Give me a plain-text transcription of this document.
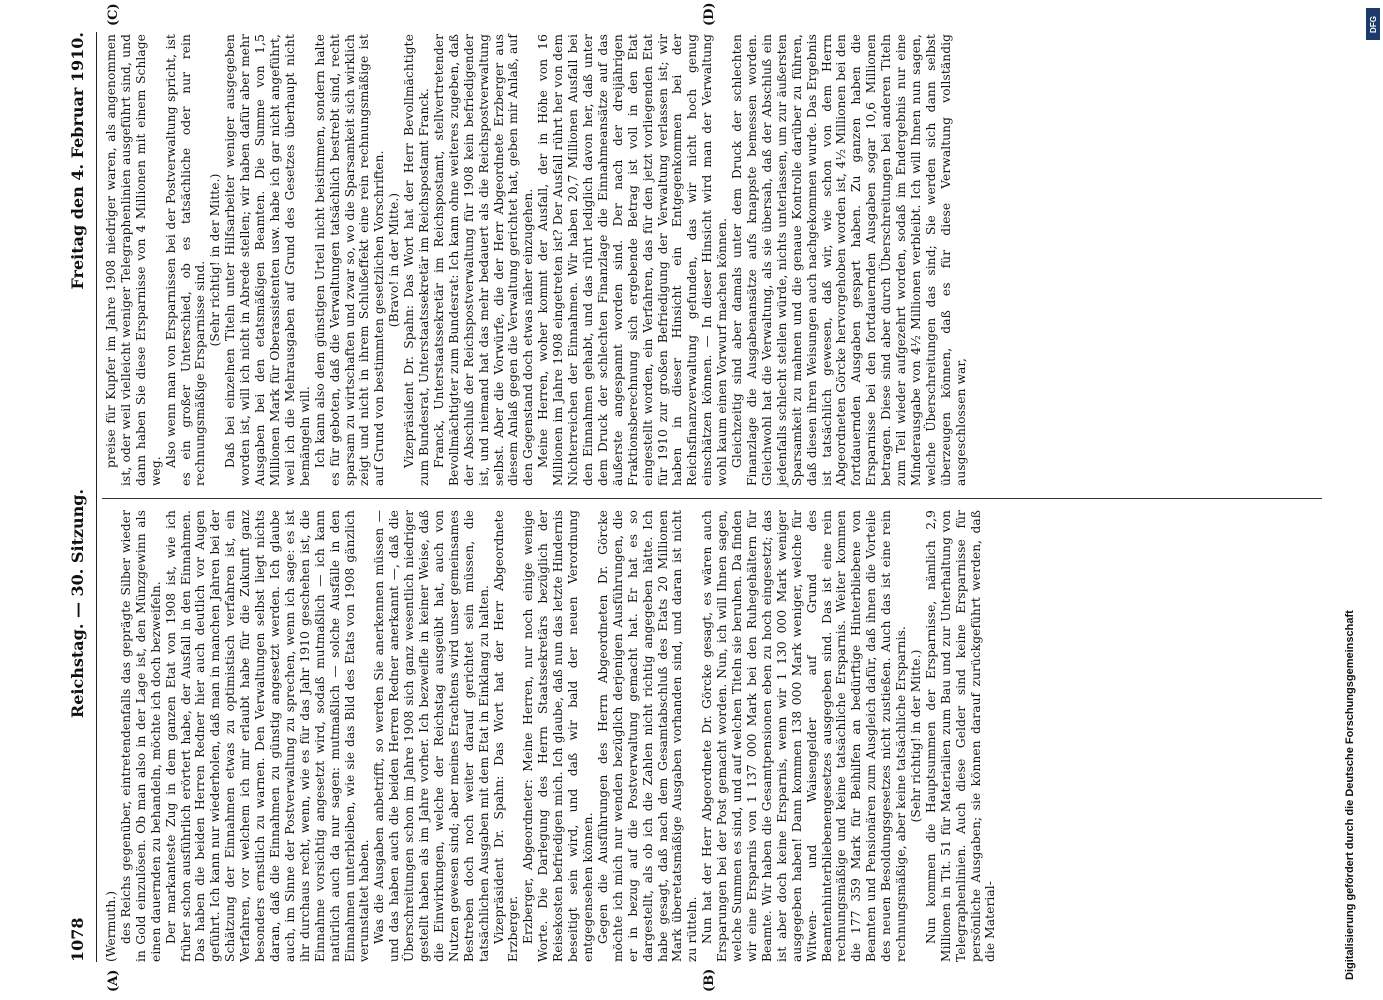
1078
Reichstag. — 30. Sitzung.
Freitag den 4. Februar 1910.

(Wermuth.) des Reichs gegenüber, eintretendenfalls das geprägte Silber wieder in Gold einzulösen. Ob man also in der Lage ist, den Münzgewinn als einen dauernden zu behandeln, möchte ich doch bezweifeln. Der markanteste Zug in dem ganzen Etat von 1908 ist, wie ich früher schon ausführlich erörtert habe, der Ausfall in den Einnahmen. Das haben die beiden Herren Redner hier auch deutlich vor Augen geführt. Ich kann nur wiederholen, daß man in manchen Jahren bei der Schätzung der Einnahmen etwas zu optimistisch verfahren ist, ein Verfahren, vor welchem ich mir erlaubt habe für die Zukunft ganz besonders ernstlich zu warnen. Den Verwaltungen selbst liegt nichts daran, daß die Einnahmen zu günstig angesetzt werden. Ich glaube auch, im Sinne der Postverwaltung zu sprechen, wenn ich sage: es ist ihr durchaus recht, wenn, wie es für das Jahr 1910 geschehen ist, die Einnahme vorsichtig angesetzt wird, sodaß mutmaßlich — ich kann natürlich auch da nur sagen: mutmaßlich — solche Ausfälle in den Einnahmen unterbleiben, wie sie das Bild des Etats von 1908 gänzlich verunstaltet haben. Was die Ausgaben anbetrifft, so werden Sie anerkennen müssen — und das haben auch die beiden Herren Redner anerkannt —, daß die Überschreitungen schon im Jahre 1908 sich ganz wesentlich niedriger gestellt haben als im Jahre vorher. Ich bezweifle in keiner Weise, daß die Einwirkungen, welche der Reichstag ausgeübt hat, auch von Nutzen gewesen sind; aber meines Erachtens wird unser gemeinsames Bestreben doch noch weiter darauf gerichtet sein müssen, die tatsächlichen Ausgaben mit dem Etat in Einklang zu halten. Vizepräsident Dr. Spahn: Das Wort hat der Herr Abgeordnete Erzberger. Erzberger, Abgeordneter: Meine Herren, nur noch einige wenige Worte. Die Darlegung des Herrn Staatssekretärs bezüglich der Reisekosten befriedigen mich. Ich glaube, daß nun das letzte Hindernis beseitigt sein wird, und daß wir bald der neuen Verordnung entgegensehen können. Gegen die Ausführungen des Herrn Abgeordneten Dr. Görcke möchte ich mich nur wenden bezüglich derjenigen Ausführungen, die er in bezug auf die Postverwaltung gemacht hat. Er hat es so dargestellt, als ob ich die Zahlen nicht richtig angegeben hätte. Ich habe gesagt, daß nach dem Gesamtabschluß des Etats 20 Millionen Mark überetatsmäßige Ausgaben vorhanden sind, und daran ist nicht zu rütteln. Nun hat der Herr Abgeordnete Dr. Görcke gesagt, es wären auch Ersparungen bei der Post gemacht worden. Nun, ich will Ihnen sagen, welche Summen es sind, und auf welchen Titeln sie beruhen. Da finden wir eine Ersparnis von 1 137 000 Mark bei den Ruhegehältern für Beamte. Wir haben die Gesamtpensionen eben zu hoch eingesetzt; das ist aber doch keine Ersparnis, wenn wir 1 130 000 Mark weniger ausgegeben haben! Dann kommen 138 000 Mark weniger, welche für Witwen- und Waisengelder auf Grund des Beamtenhinterbliebenengesetzes ausgegeben sind. Das ist eine rein rechnungsmäßige und keine tatsächliche Ersparnis. Weiter kommen die 177 359 Mark für Beihilfen an bedürftige Hinterbliebene von Beamten und Pensionären zum Ausgleich dafür, daß ihnen die Vorteile des neuen Besoldungsgesetzes nicht zustießen. Auch das ist eine rein rechnungsmäßige, aber keine tatsächliche Ersparnis. (Sehr richtig! in der Mitte.) Nun kommen die Hauptsummen der Ersparnisse, nämlich 2,9 Millionen in Tit. 51 für Materialien zum Bau und zur Unterhaltung von Telegraphenlinien. Auch diese Gelder sind keine Ersparnisse für persönliche Ausgaben; sie können darauf zurückgeführt werden, daß die Material-

preise für Kupfer im Jahre 1908 niedriger waren, als angenommen ist, oder weil vielleicht weniger Telegraphenlinien ausgeführt sind, und dann haben Sie diese Ersparnisse von 4 Millionen mit einem Schlage weg.

Also wenn man von Ersparnissen bei der Postverwaltung spricht, ist es ein großer Unterschied, ob es tatsächliche oder nur rein rechnungsmäßige Ersparnisse sind.

(Sehr richtig! in der Mitte.) Daß bei einzelnen Titeln unter Hilfsarbeiter weniger ausgegeben worden ist, will ich nicht in Abrede stellen; wir haben dafür aber mehr Ausgaben bei den etatsmäßigen Beamten. Die Summe von 1,5 Millionen Mark für Oberassistenten usw. habe ich gar nicht angeführt, weil ich die Mehrausgaben auf Grund des Gesetzes überhaupt nicht bemängeln will. Ich kann also dem günstigen Urteil nicht beistimmen, sondern halte es für geboten, daß die Verwaltungen tatsächlich bestrebt sind, recht sparsam zu wirtschaften und zwar so, wo die Sparsamkeit sich wirklich zeigt und nicht in ihrem Schlußeffekt eine rein rechnungsmäßige ist auf Grund von bestimmten gesetzlichen Vorschriften. (Bravo! in der Mitte.) Vizepräsident Dr. Spahn: Das Wort hat der Herr Bevollmächtigte zum Bundesrat, Unterstaatssekretär im Reichspostamt Franck. Franck, Unterstaatssekretär im Reichspostamt, stellvertretender Bevollmächtigter zum Bundesrat: Ich kann ohne weiteres zugeben, daß der Abschluß der Reichspostverwaltung für 1908 kein befriedigender ist, und niemand hat das mehr bedauert als die Reichspostverwaltung selbst. Aber die Vorwürfe, die der Herr Abgeordnete Erzberger aus diesem Anlaß gegen die Verwaltung gerichtet hat, geben mir Anlaß, auf den Gegenstand doch etwas näher einzugehen. Meine Herren, woher kommt der Ausfall, der in Höhe von 16 Millionen im Jahre 1908 eingetreten ist? Der Ausfall rührt her von dem Nichterreichen der Einnahmen. Wir haben 20,7 Millionen Ausfall bei den Einnahmen gehabt, und das rührt lediglich davon her, daß unter dem Druck der schlechten Finanzlage die Einnahmeansätze auf das äußerste angespannt worden sind. Der nach der dreijährigen Fraktionsberechnung sich ergebende Betrag ist voll in den Etat eingestellt worden, ein Verfahren, das für den jetzt vorliegenden Etat für 1910 zur großen Befriedigung der Verwaltung verlassen ist; wir haben in dieser Hinsicht ein Entgegenkommen bei der Reichsfinanzverwaltung gefunden, das wir nicht hoch genug einschätzen können. — In dieser Hinsicht wird man der Verwaltung wohl kaum einen Vorwurf machen können. Gleichzeitig sind aber damals unter dem Druck der schlechten Finanzlage die Ausgabenansätze aufs knappste bemessen worden. Gleichwohl hat die Verwaltung, als sie übersah, daß der Abschluß ein jedenfalls schlecht stellen würde, nichts unterlassen, um zur äußersten Sparsamkeit zu mahnen und die genaue Kontrolle darüber zu führen, daß diesen ihren Weisungen auch nachgekommen wurde. Das Ergebnis ist tatsächlich gewesen, daß wir, wie schon von dem Herrn Abgeordneten Görcke hervorgehoben worden ist, 4½ Millionen bei den fortdauernden Ausgaben gespart haben. Zu ganzen haben die Ersparnisse bei den fortdauernden Ausgaben sogar 10,6 Millionen betragen. Diese sind aber durch Überschreitungen bei anderen Titeln zum Teil wieder aufgezehrt worden, sodaß im Endergebnis nur eine Minderausgabe von 4½ Millionen verbleibt. Ich will Ihnen nun sagen, welche Überschreitungen das sind; Sie werden sich dann selbst überzeugen können, daß es für diese Verwaltung vollständig ausgeschlossen war,

(A)	(B)
(C)	(D)
Digitalisierung gefördert durch die Deutsche Forschungsgemeinschaft
DFG
